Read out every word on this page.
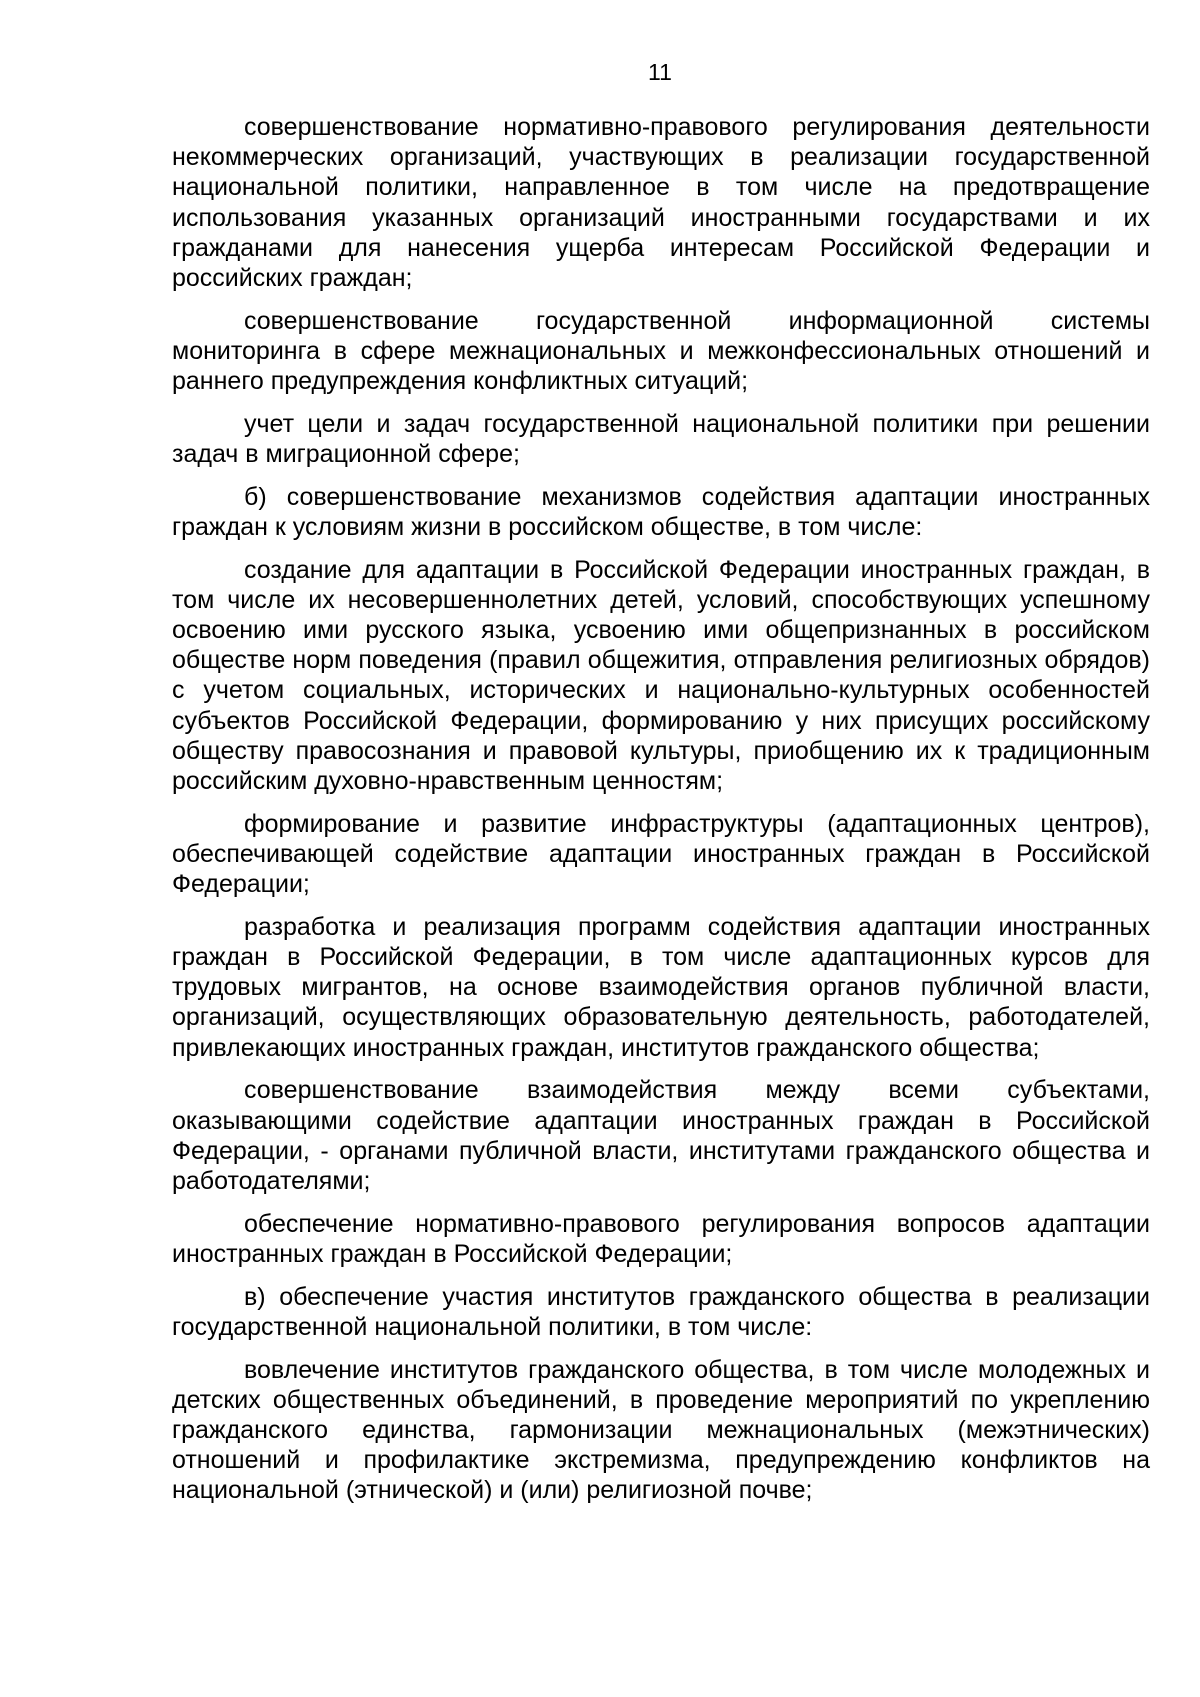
11

совершенствование нормативно-правового регулирования деятельности некоммерческих организаций, участвующих в реализации государственной национальной политики, направленное в том числе на предотвращение использования указанных организаций иностранными государствами и их гражданами для нанесения ущерба интересам Российской Федерации и российских граждан;

совершенствование государственной информационной системы мониторинга в сфере межнациональных и межконфессиональных отношений и раннего предупреждения конфликтных ситуаций;

учет цели и задач государственной национальной политики при решении задач в миграционной сфере;

б) совершенствование механизмов содействия адаптации иностранных граждан к условиям жизни в российском обществе, в том числе:

создание для адаптации в Российской Федерации иностранных граждан, в том числе их несовершеннолетних детей, условий, способствующих успешному освоению ими русского языка, усвоению ими общепризнанных в российском обществе норм поведения (правил общежития, отправления религиозных обрядов) с учетом социальных, исторических и национально-культурных особенностей субъектов Российской Федерации, формированию у них присущих российскому обществу правосознания и правовой культуры, приобщению их к традиционным российским духовно-нравственным ценностям;

формирование и развитие инфраструктуры (адаптационных центров), обеспечивающей содействие адаптации иностранных граждан в Российской Федерации;

разработка и реализация программ содействия адаптации иностранных граждан в Российской Федерации, в том числе адаптационных курсов для трудовых мигрантов, на основе взаимодействия органов публичной власти, организаций, осуществляющих образовательную деятельность, работодателей, привлекающих иностранных граждан, институтов гражданского общества;

совершенствование взаимодействия между всеми субъектами, оказывающими содействие адаптации иностранных граждан в Российской Федерации, - органами публичной власти, институтами гражданского общества и работодателями;

обеспечение нормативно-правового регулирования вопросов адаптации иностранных граждан в Российской Федерации;

в) обеспечение участия институтов гражданского общества в реализации государственной национальной политики, в том числе:

вовлечение институтов гражданского общества, в том числе молодежных и детских общественных объединений, в проведение мероприятий по укреплению гражданского единства, гармонизации межнациональных (межэтнических) отношений и профилактике экстремизма, предупреждению конфликтов на национальной (этнической) и (или) религиозной почве;
